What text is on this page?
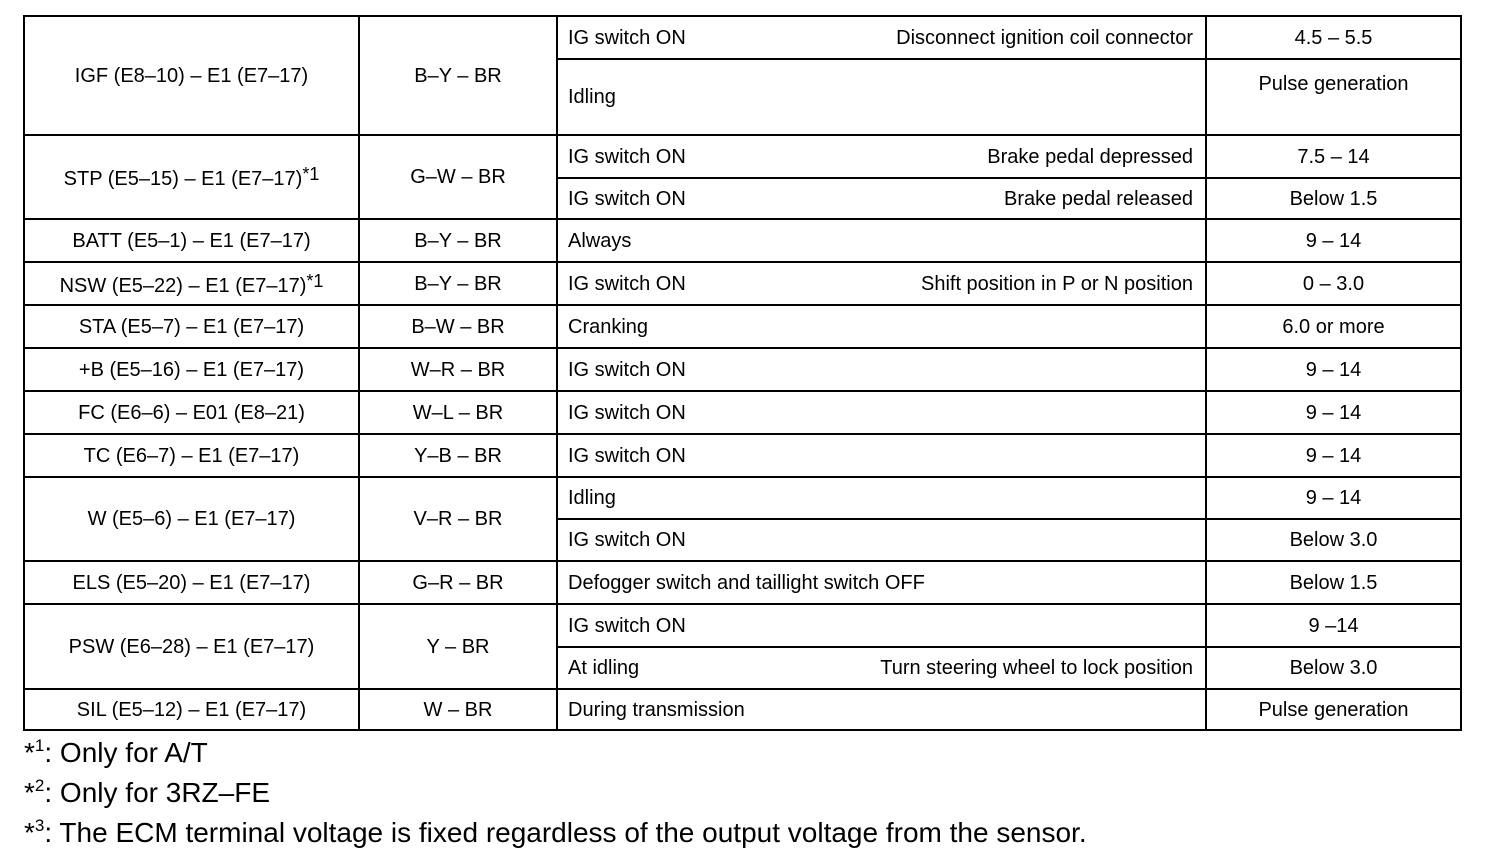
IGF (E8–10) – E1 (E7–17)	B–Y – BR	IG switch ON Disconnect ignition coil connector	4.5 – 5.5

		Idling	Pulse generation
STP (E5–15) – E1 (E7–17)*1	G–W – BR	IG switch ON Brake pedal depressed	7.5 – 14

		IG switch ON Brake pedal released	Below 1.5
BATT (E5–1) – E1 (E7–17)	B–Y – BR	Always	9 – 14
NSW (E5–22) – E1 (E7–17)*1	B–Y – BR	IG switch ON Shift position in P or N position	0 – 3.0
STA (E5–7) – E1 (E7–17)	B–W – BR	Cranking	6.0 or more
+B (E5–16) – E1 (E7–17)	W–R – BR	IG switch ON	9 – 14
FC (E6–6) – E01 (E8–21)	W–L – BR	IG switch ON	9 – 14
TC (E6–7) – E1 (E7–17)	Y–B – BR	IG switch ON	9 – 14
W (E5–6) – E1 (E7–17)	V–R – BR	Idling	9 – 14

		IG switch ON	Below 3.0
ELS (E5–20) – E1 (E7–17)	G–R – BR	Defogger switch and taillight switch OFF	Below 1.5
PSW (E6–28) – E1 (E7–17)	Y – BR	IG switch ON	9 –14

		At idling Turn steering wheel to lock position	Below 3.0
SIL (E5–12) – E1 (E7–17)	W – BR	During transmission	Pulse generation
*$^1$: Only for A/T
*$^2$: Only for 3RZ–FE
*$^3$: The ECM terminal voltage is fixed regardless of the output voltage from the sensor.
